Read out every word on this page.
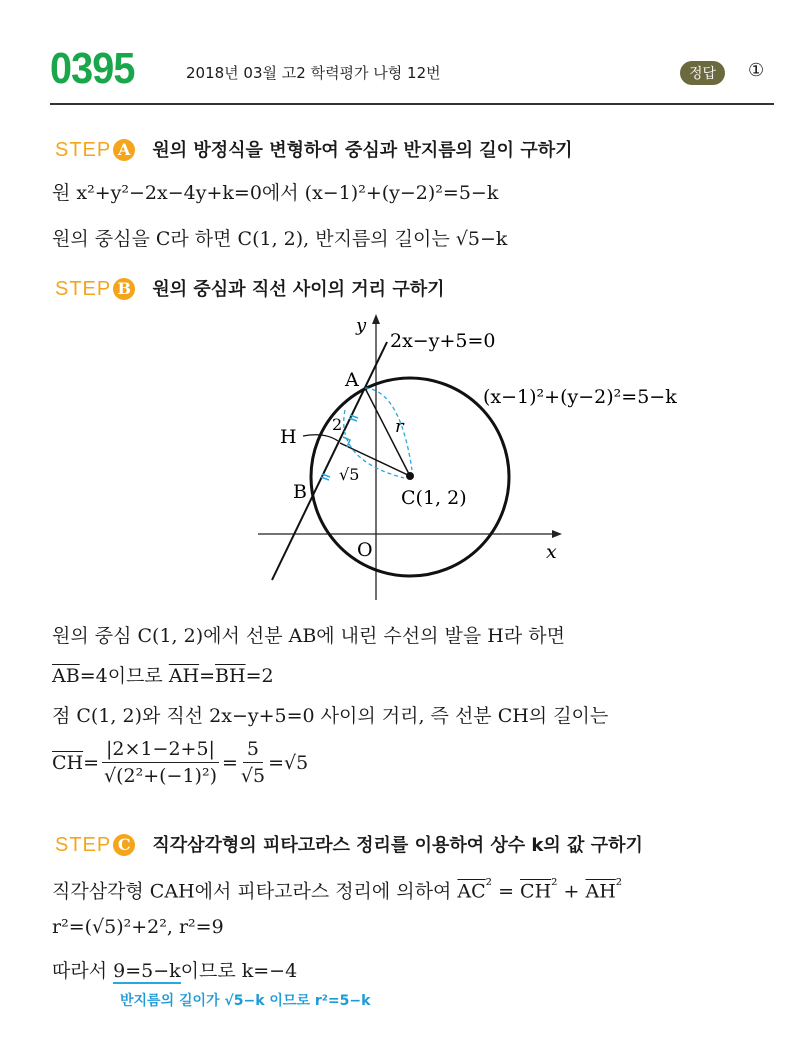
0395	2018년 03월 고2 학력평가 나형 12번	정답	①
STEP A 원의 방정식을 변형하여 중심과 반지름의 길이 구하기
원 x²+y²−2x−4y+k=0에서 (x−1)²+(y−2)²=5−k
원의 중심을 C라 하면 C(1, 2), 반지름의 길이는 √5−k
STEP B 원의 중심과 직선 사이의 거리 구하기
y
2x−y+5=0
(x−1)²+(y−2)²=5−k
A
H
B	C(1, 2)
O	x
r
2
√5
원의 중심 C(1, 2)에서 선분 AB에 내린 수선의 발을 H라 하면
$\overline{AB}=4$이므로 $\overline{AH}=\overline{BH}=2$
점 C(1, 2)와 직선 2x−y+5=0 사이의 거리, 즉 선분 CH의 길이는
$\overline{CH} = \frac{|2\times 1-2+5|}{\text{√(2²+(−1)²)}} = \frac{5}{√5} =√5$
STEP C 직각삼각형의 피타고라스 정리를 이용하여 상수 k의 값 구하기
직각삼각형 CAH에서 피타고라스 정리에 의하여 $\overline{AC}^{^2} = \overline{CH}^{^2} + \overline{AH}^{^2}$
r²=(√5)²+2², r²=9
따라서 9=5−k이므로 k=−4
반지름의 길이가 √5−k 이므로 r²=5−k
